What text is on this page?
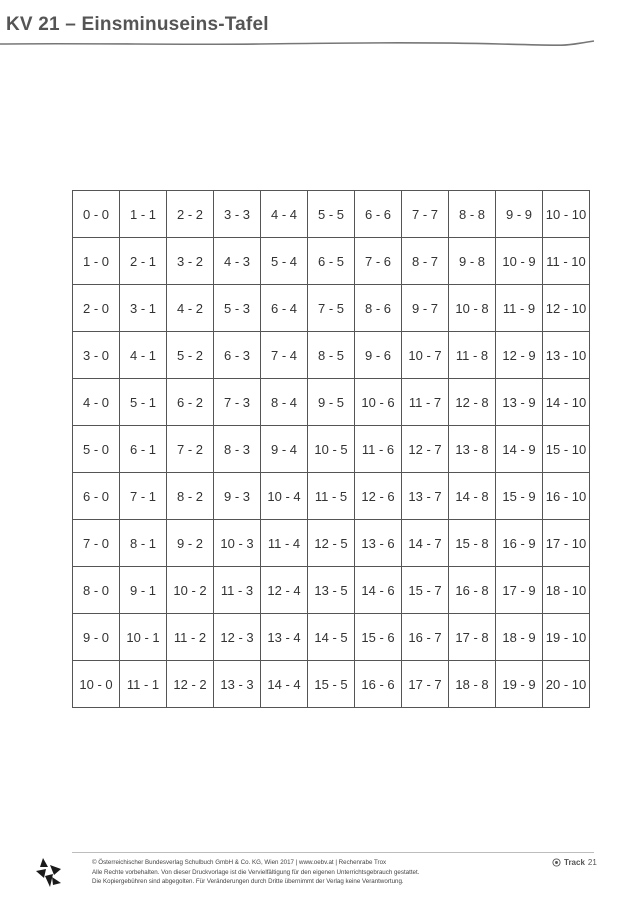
KV 21 – Einsminuseins-Tafel
0 - 0	1 - 1	2 - 2	3 - 3	4 - 4	5 - 5	6 - 6	7 - 7	8 - 8	9 - 9	10 - 10
1 - 0	2 - 1	3 - 2	4 - 3	5 - 4	6 - 5	7 - 6	8 - 7	9 - 8	10 - 9	11 - 10
2 - 0	3 - 1	4 - 2	5 - 3	6 - 4	7 - 5	8 - 6	9 - 7	10 - 8	11 - 9	12 - 10
3 - 0	4 - 1	5 - 2	6 - 3	7 - 4	8 - 5	9 - 6	10 - 7	11 - 8	12 - 9	13 - 10
4 - 0	5 - 1	6 - 2	7 - 3	8 - 4	9 - 5	10 - 6	11 - 7	12 - 8	13 - 9	14 - 10
5 - 0	6 - 1	7 - 2	8 - 3	9 - 4	10 - 5	11 - 6	12 - 7	13 - 8	14 - 9	15 - 10
6 - 0	7 - 1	8 - 2	9 - 3	10 - 4	11 - 5	12 - 6	13 - 7	14 - 8	15 - 9	16 - 10
7 - 0	8 - 1	9 - 2	10 - 3	11 - 4	12 - 5	13 - 6	14 - 7	15 - 8	16 - 9	17 - 10
8 - 0	9 - 1	10 - 2	11 - 3	12 - 4	13 - 5	14 - 6	15 - 7	16 - 8	17 - 9	18 - 10
9 - 0	10 - 1	11 - 2	12 - 3	13 - 4	14 - 5	15 - 6	16 - 7	17 - 8	18 - 9	19 - 10
10 - 0	11 - 1	12 - 2	13 - 3	14 - 4	15 - 5	16 - 6	17 - 7	18 - 8	19 - 9	20 - 10
© Österreichischer Bundesverlag Schulbuch GmbH & Co. KG, Wien 2017 | www.oebv.at | Rechenrabe Trox
Alle Rechte vorbehalten. Von dieser Druckvorlage ist die Vervielfältigung für den eigenen Unterrichtsgebrauch gestattet.
Die Kopiergebühren sind abgegolten. Für Veränderungen durch Dritte übernimmt der Verlag keine Verantwortung.
Track 21
